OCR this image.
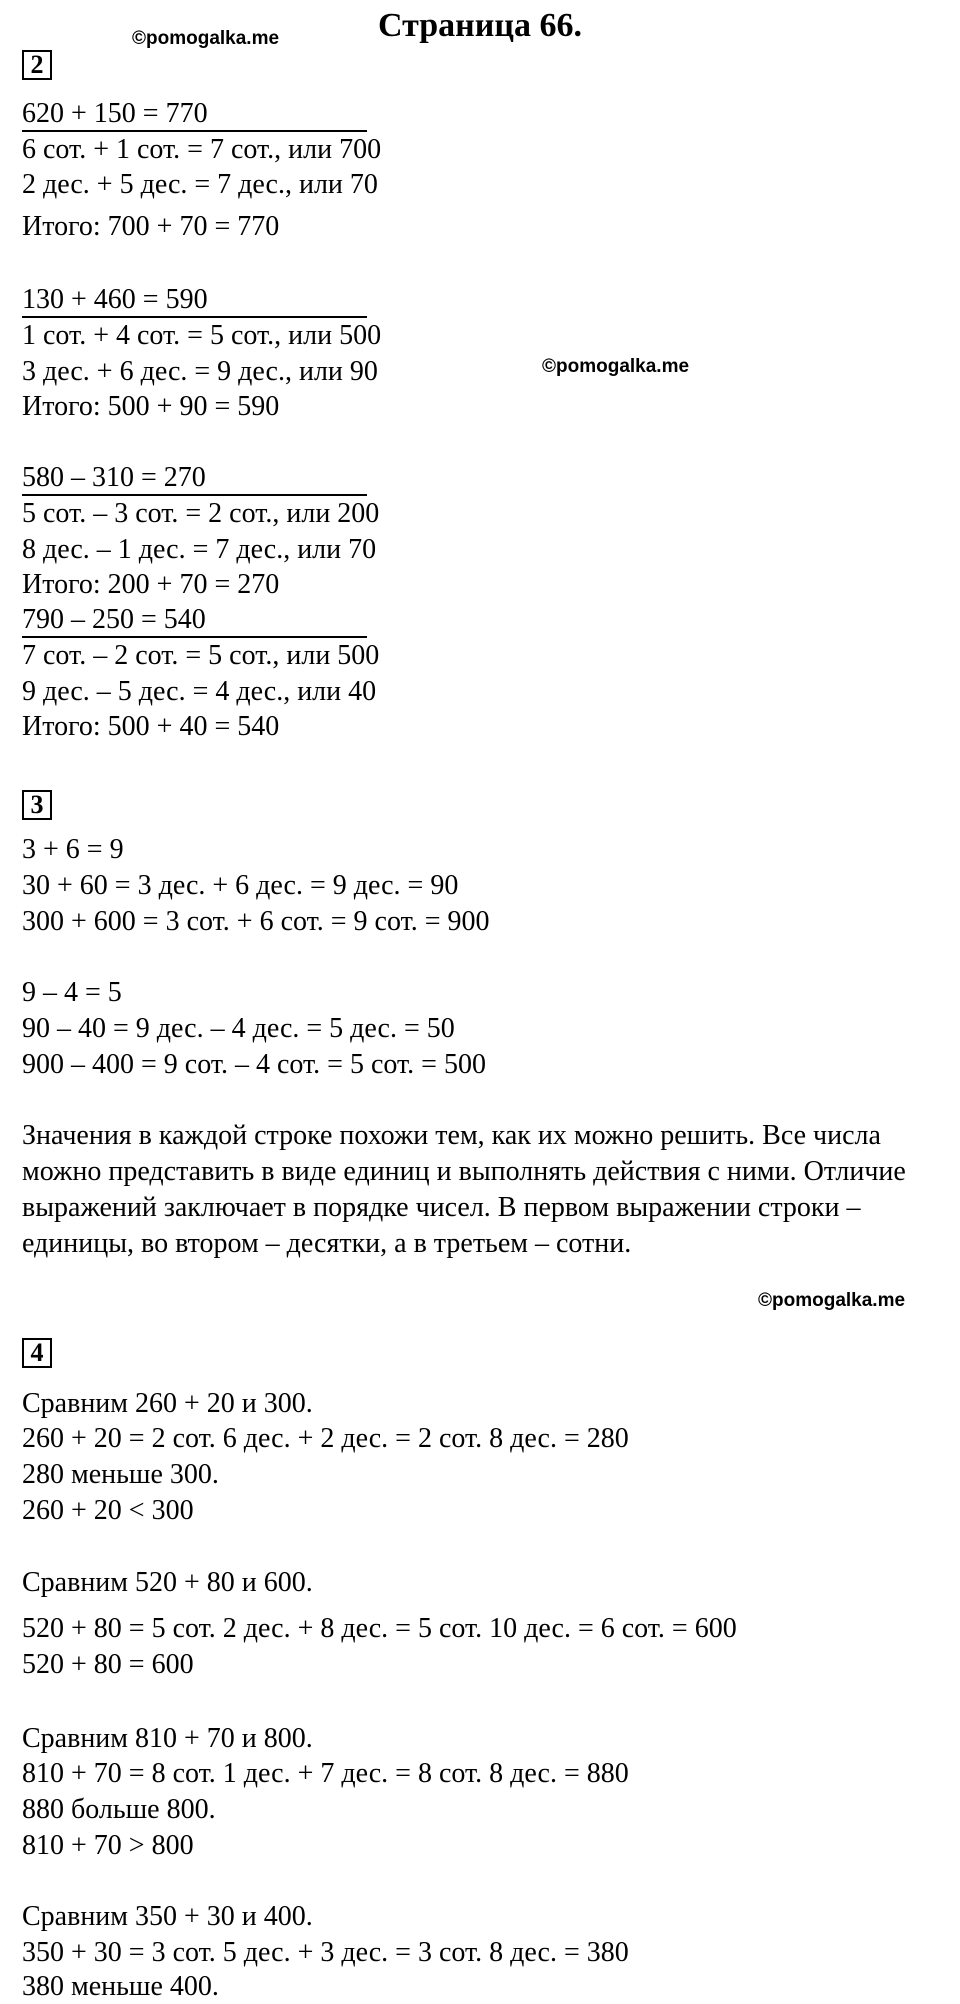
Страница 66.
©pomogalka.me
2
620 + 150 = 770
6 сот. + 1 сот. = 7 сот., или 700
2 дес. + 5 дес. = 7 дес., или 70
Итого: 700 + 70 = 770
130 + 460 = 590
1 сот. + 4 сот. = 5 сот., или 500
3 дес. + 6 дес. = 9 дес., или 90	©pomogalka.me
Итого: 500 + 90 = 590
580 – 310 = 270
5 сот. – 3 сот. = 2 сот., или 200
8 дес. – 1 дес. = 7 дес., или 70
Итого: 200 + 70 = 270
790 – 250 = 540
7 сот. – 2 сот. = 5 сот., или 500
9 дес. – 5 дес. = 4 дес., или 40
Итого: 500 + 40 = 540
3
3 + 6 = 9
30 + 60 = 3 дес. + 6 дес. = 9 дес. = 90
300 + 600 = 3 сот. + 6 сот. = 9 сот. = 900
9 – 4 = 5
90 – 40 = 9 дес. – 4 дес. = 5 дес. = 50
900 – 400 = 9 сот. – 4 сот. = 5 сот. = 500
Значения в каждой строке похожи тем, как их можно решить. Все числа можно представить в виде единиц и выполнять действия с ними. Отличие выражений заключает в порядке чисел. В первом выражении строки – единицы, во втором – десятки, а в третьем – сотни.
©pomogalka.me
4
Сравним 260 + 20 и 300.
260 + 20 = 2 сот. 6 дес. + 2 дес. = 2 сот. 8 дес. = 280
280 меньше 300.
260 + 20 < 300
Сравним 520 + 80 и 600.
520 + 80 = 5 сот. 2 дес. + 8 дес. = 5 сот. 10 дес. = 6 сот. = 600
520 + 80 = 600
Сравним 810 + 70 и 800.
810 + 70 = 8 сот. 1 дес. + 7 дес. = 8 сот. 8 дес. = 880
880 больше 800.
810 + 70 > 800
Сравним 350 + 30 и 400.
350 + 30 = 3 сот. 5 дес. + 3 дес. = 3 сот. 8 дес. = 380
380 меньше 400.
